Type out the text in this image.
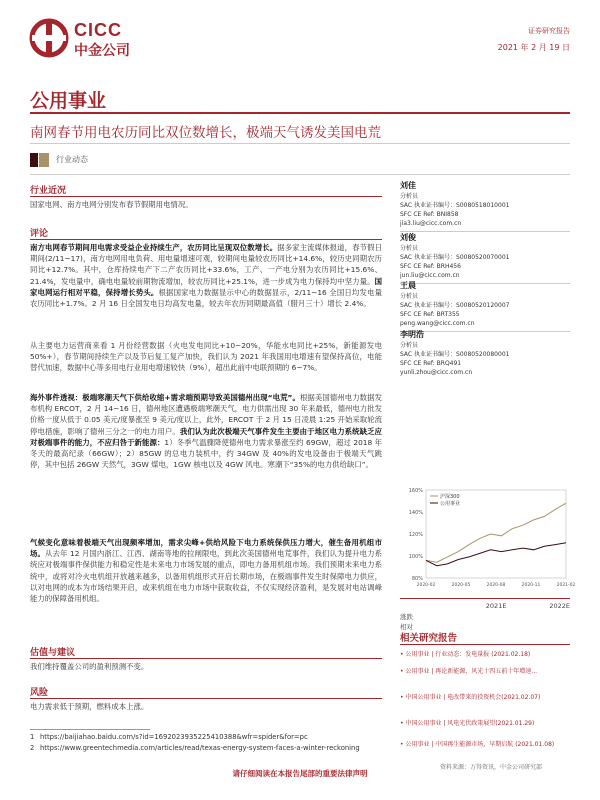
CICC
中金公司
证券研究报告
2021 年 2 月 19 日
公用事业
南网春节用电农历同比双位数增长，极端天气诱发美国电荒
行业动态
行业近况

国家电网、南方电网分别发布春节假期用电情况。

评论

南方电网春节期间用电需求受益企业持续生产，农历同比呈现双位数增长。据多家主流媒体报道，春节假日期间(2/11~17)，南方电网用电负荷、用电量增速可观，较期间电量较农历同比+14.6%，较历史同期农历同比+12.7%。其中，仓库持续电产下二产农历同比+33.6%，工产、一产电分别为农历同比+15.6%、21.4%，发电量中，确电电量较前期物流增加，较农历同比+25.1%，进一步成为电力保持均中坚力量。国家电网运行相对平稳，保持增长势头。根据国家电力数据显示中心的数据显示，2/11~16 全国日均发电量农历同比+1.7%。2 月 16 日全国发电日均高发电量，较去年农历同期最高值（腊月三十）增长 2.4%。

从主要电力运营商来看 1 月份经营数据（火电发电同比+10~20%，华能水电同比+25%，新能源发电 50%+），春节期间持续生产以及节后复工复产加快，我们认为 2021 年我国用电增速有望保持高位，电能替代加速，数据中心等多用电行业用电增速较快（9%），超出此前中电联预期的 6~7%。

海外事件透视：极端寒潮天气下供给收缩+需求端预期导致美国德州出现“电荒”。根据美国德州电力数据发布机构 ERCOT，2 月 14~16 日，德州地区遭遇极端寒潮天气，电力供需出现 30 年来最低，德州电力批发价格一度从低于 0.05 美元/度暴涨至 9 美元/度以上，此外，ERCOT 于 2 月 15 日凌晨 1:25 开始采取轮流停电措施，影响了德州三分之一的电力用户。我们认为此次极端天气事件发生主要由于地区电力系统缺乏应对极端事件的能力，不应归咎于新能源：1）冬季气温骤降使德州电力需求暴涨至约 69GW，超过 2018 年冬天的最高纪录（66GW）；2）85GW 的总电力装机中，约 34GW 及 40%的发电设备由于极端天气跳停，其中包括 26GW 天然气，3GW 煤电，1GW 核电以及 4GW 风电。寒潮下“35%的电力供给缺口”。

气候变化意味着极端天气出现频率增加，需求尖峰+供给风险下电力系统保供压力增大，催生备用机组市场。从去年 12 月国内浙江、江西、湖南等地的拉闸限电，到此次美国德州电荒事件，我们认为提升电力系统应对极端事件保供能力和稳定性是未来电力市场发展的重点，即电力备用机组市场。我们预期未来电力系统中，或将对冷火电机组开放越来越多，以备用机组形式开启长期市场，在极端事件发生时保障电力供应，以对电网的成本为市场结果开启，或来机组在电力市场中获取收益，不仅实现经济盈利，是发展对电站调峰能力的保障备用机组。

估值与建议

我们维持覆盖公司的盈利预测不变。

风险

电力需求低于预期，燃料成本上涨。

刘佳
分析员
SAC 执业证书编号：S0080518010001
SFC CE Ref: BNI858
jia3.liu@cicc.com.cn
刘俊
分析员
SAC 执业证书编号：S0080520070001
SFC CE Ref: BRH456
jun.liu@cicc.com.cn
王晨
分析员
SAC 执业证书编号：S0080520120007
SFC CE Ref: BRT355
peng.wang@cicc.com.cn
李明浩
分析员
SAC 执业证书编号：S0080520080001
SFC CE Ref: BRQ491
yunli.zhou@cicc.com.cn
160%
140%
120%
100%
80%
2020-02	2020-05	2020-08	2020-11	2021-02
沪深300
公用事业
2021E	2022E
涨跌
相对
相关研究报告
• 公用事业 | 行业动态：发电量报 (2021.02.18)
• 公用事业 | 再论新能源，风光十四五前十年增速...
• 中国公用事业 | 电改带来的投资机会(2021.02.07)
• 中国公用事业 | 风电光伏政策展望(2021.01.29)
• 公用事业 | 中国再生能源市场，早期启航 (2021.01.08)
资料来源：万得资讯，中金公司研究部
1 https://baijiahao.baidu.com/s?id=1692023935225410388&wfr=spider&for=pc
2 https://www.greentechmedia.com/articles/read/texas-energy-system-faces-a-winter-reckoning
请仔细阅读在本报告尾部的重要法律声明
